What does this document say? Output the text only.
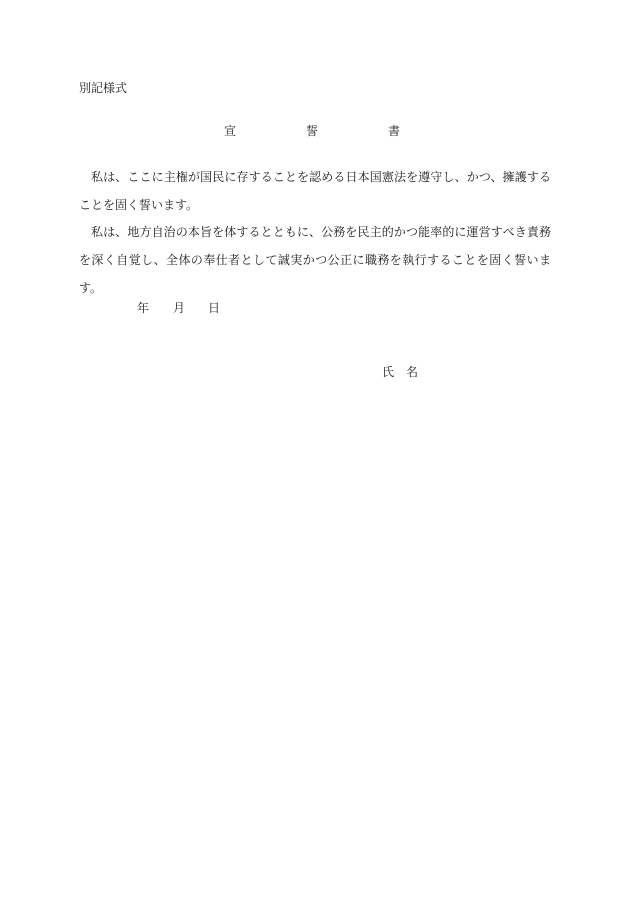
別記様式
宣	誓	書

私は、ここに主権が国民に存することを認める日本国憲法を遵守し、かつ、擁護することを固く誓います。

私は、地方自治の本旨を体するとともに、公務を民主的かつ能率的に運営すべき責務を深く自覚し、全体の奉仕者として誠実かつ公正に職務を執行することを固く誓います。

年 月 日
氏名
